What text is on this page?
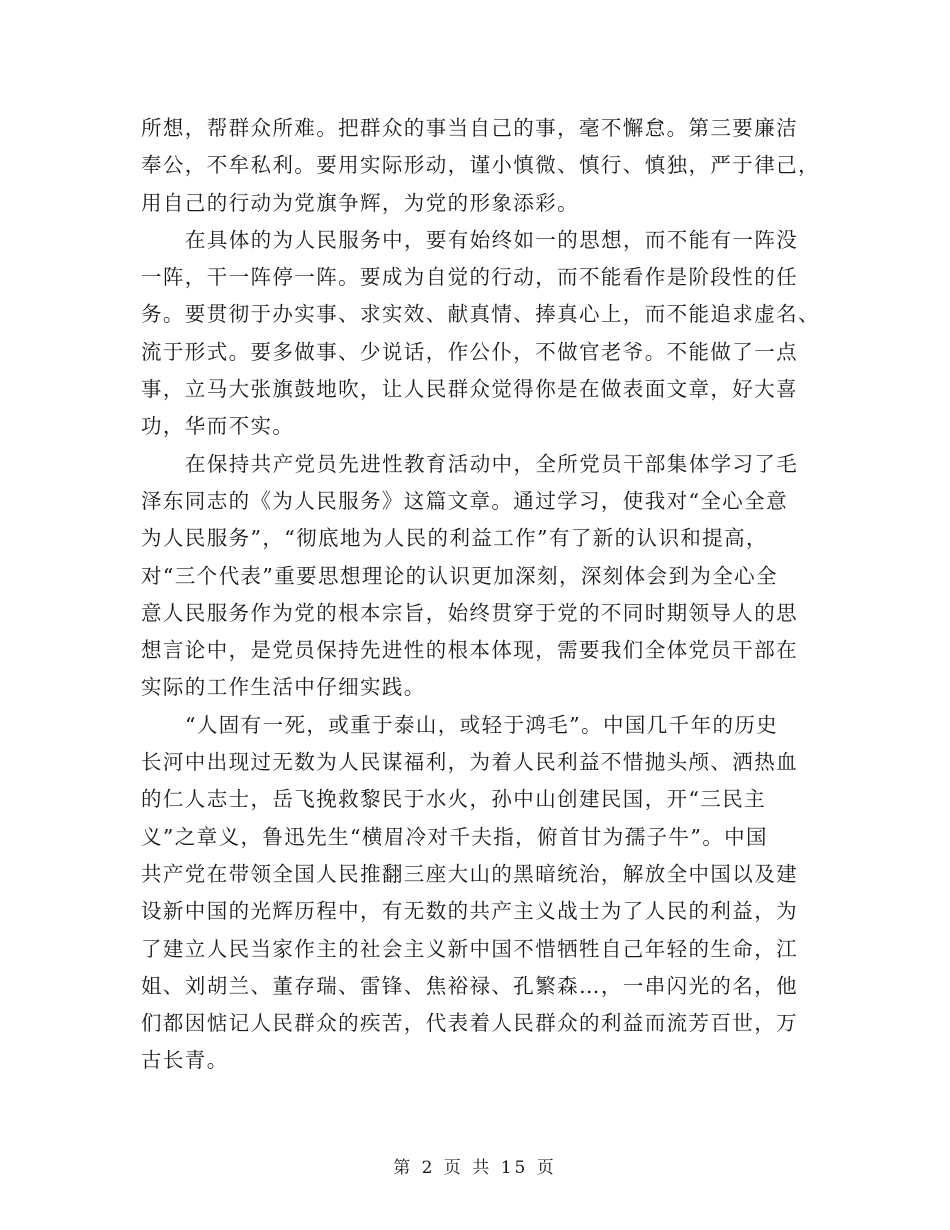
所想，帮群众所难。把群众的事当自己的事，毫不懈怠。第三要廉洁
奉公，不牟私利。要用实际形动，谨小慎微、慎行、慎独，严于律己，
用自己的行动为党旗争辉，为党的形象添彩。
在具体的为人民服务中，要有始终如一的思想，而不能有一阵没
一阵，干一阵停一阵。要成为自觉的行动，而不能看作是阶段性的任
务。要贯彻于办实事、求实效、献真情、捧真心上，而不能追求虚名、
流于形式。要多做事、少说话，作公仆，不做官老爷。不能做了一点
事，立马大张旗鼓地吹，让人民群众觉得你是在做表面文章，好大喜
功，华而不实。
在保持共产党员先进性教育活动中，全所党员干部集体学习了毛
泽东同志的《为人民服务》这篇文章。通过学习，使我对“全心全意
为人民服务”，“彻底地为人民的利益工作”有了新的认识和提高，
对“三个代表”重要思想理论的认识更加深刻，深刻体会到为全心全
意人民服务作为党的根本宗旨，始终贯穿于党的不同时期领导人的思
想言论中，是党员保持先进性的根本体现，需要我们全体党员干部在
实际的工作生活中仔细实践。
“人固有一死，或重于泰山，或轻于鸿毛”。中国几千年的历史
长河中出现过无数为人民谋福利，为着人民利益不惜抛头颅、洒热血
的仁人志士，岳飞挽救黎民于水火，孙中山创建民国，开“三民主
义”之章义，鲁迅先生“横眉冷对千夫指，俯首甘为孺子牛”。中国
共产党在带领全国人民推翻三座大山的黑暗统治，解放全中国以及建
设新中国的光辉历程中，有无数的共产主义战士为了人民的利益，为
了建立人民当家作主的社会主义新中国不惜牺牲自己年轻的生命，江
姐、刘胡兰、董存瑞、雷锋、焦裕禄、孔繁森…，一串闪光的名，他
们都因惦记人民群众的疾苦，代表着人民群众的利益而流芳百世，万
古长青。
第 2 页 共 15 页
